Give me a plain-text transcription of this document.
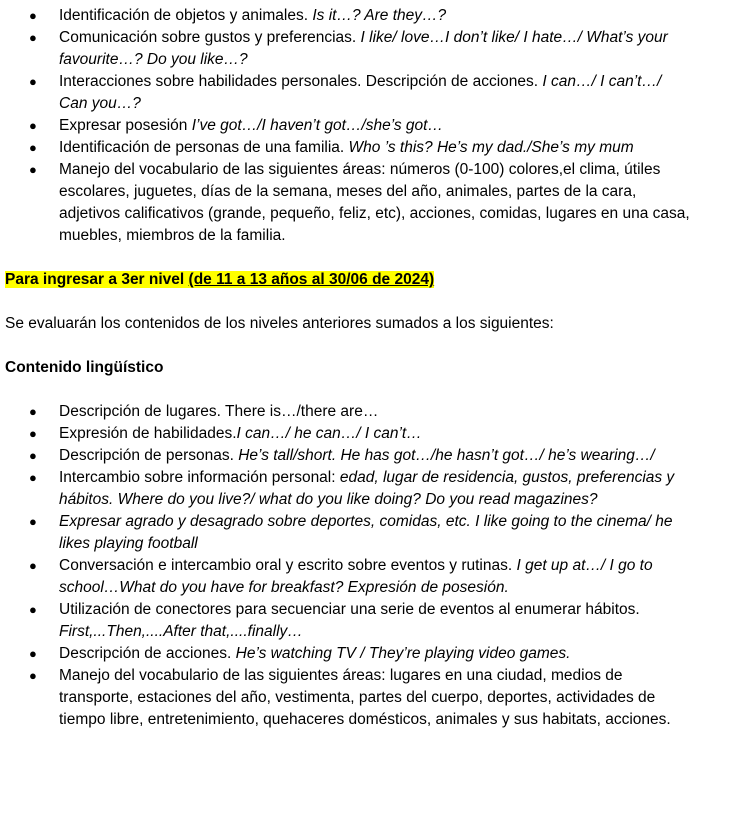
● Identificación de objetos y animales. Is it…? Are they…?
● Comunicación sobre gustos y preferencias. I like/ love…I don’t like/ I hate…/ What’s your favourite…? Do you like…?
● Interacciones sobre habilidades personales. Descripción de acciones. I can…/ I can’t…/ Can you…?
● Expresar posesión I’ve got…/I haven’t got…/she’s got…
● Identificación de personas de una familia. Who ’s this? He’s my dad./She’s my mum
● Manejo del vocabulario de las siguientes áreas: números (0-100) colores,el clima, útiles escolares, juguetes, días de la semana, meses del año, animales, partes de la cara, adjetivos calificativos (grande, pequeño, feliz, etc), acciones, comidas, lugares en una casa, muebles, miembros de la familia.
Para ingresar a 3er nivel (de 11 a 13 años al 30/06 de 2024)
Se evaluarán los contenidos de los niveles anteriores sumados a los siguientes:
Contenido lingüístico
● Descripción de lugares. There is…/there are…
● Expresión de habilidades.I can…/ he can…/ I can’t…
● Descripción de personas. He’s tall/short. He has got…/he hasn’t got…/ he’s wearing…/
● Intercambio sobre información personal: edad, lugar de residencia, gustos, preferencias y hábitos. Where do you live?/ what do you like doing? Do you read magazines?
● Expresar agrado y desagrado sobre deportes, comidas, etc. I like going to the cinema/ he likes playing football
● Conversación e intercambio oral y escrito sobre eventos y rutinas. I get up at…/ I go to school…What do you have for breakfast? Expresión de posesión.
● Utilización de conectores para secuenciar una serie de eventos al enumerar hábitos. First,...Then,....After that,....finally…
● Descripción de acciones. He’s watching TV / They’re playing video games.
● Manejo del vocabulario de las siguientes áreas: lugares en una ciudad, medios de transporte, estaciones del año, vestimenta, partes del cuerpo, deportes, actividades de tiempo libre, entretenimiento, quehaceres domésticos, animales y sus habitats, acciones.
